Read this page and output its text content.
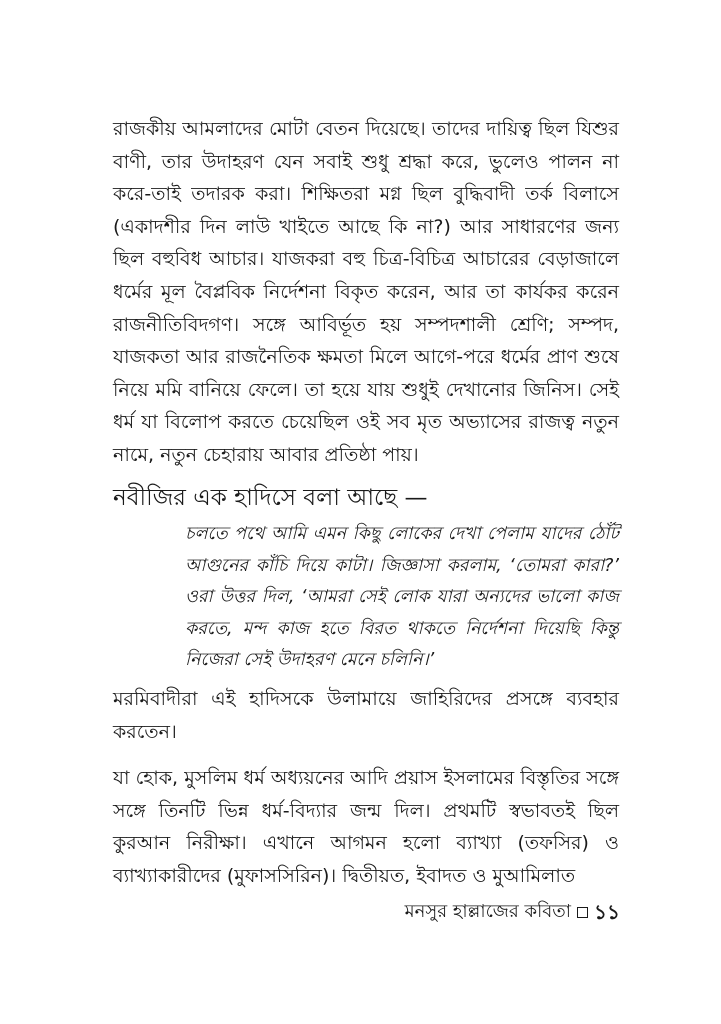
রাজকীয় আমলাদের মোটা বেতন দিয়েছে। তাদের দায়িত্ব ছিল যিশুর বাণী, তার উদাহরণ যেন সবাই শুধু শ্রদ্ধা করে, ভুলেও পালন না করে-তাই তদারক করা। শিক্ষিতরা মগ্ন ছিল বুদ্ধিবাদী তর্ক বিলাসে (একাদশীর দিন লাউ খাইতে আছে কি না?) আর সাধারণের জন্য ছিল বহুবিধ আচার। যাজকরা বহু চিত্র-বিচিত্র আচারের বেড়াজালে ধর্মের মূল বৈপ্লবিক নির্দেশনা বিকৃত করেন, আর তা কার্যকর করেন রাজনীতিবিদগণ। সঙ্গে আবির্ভূত হয় সম্পদশালী শ্রেণি; সম্পদ, যাজকতা আর রাজনৈতিক ক্ষমতা মিলে আগে-পরে ধর্মের প্রাণ শুষে নিয়ে মমি বানিয়ে ফেলে। তা হয়ে যায় শুধুই দেখানোর জিনিস। সেই ধর্ম যা বিলোপ করতে চেয়েছিল ওই সব মৃত অভ্যাসের রাজত্ব নতুন নামে, নতুন চেহারায় আবার প্রতিষ্ঠা পায়।

নবীজির এক হাদিসে বলা আছে —

চলতে পথে আমি এমন কিছু লোকের দেখা পেলাম যাদের ঠোঁট আগুনের কাঁচি দিয়ে কাটা। জিজ্ঞাসা করলাম, ‘তোমরা কারা?’ ওরা উত্তর দিল, ‘আমরা সেই লোক যারা অন্যদের ভালো কাজ করতে, মন্দ কাজ হতে বিরত থাকতে নির্দেশনা দিয়েছি কিন্তু নিজেরা সেই উদাহরণ মেনে চলিনি।’

মরমিবাদীরা এই হাদিসকে উলামায়ে জাহিরিদের প্রসঙ্গে ব্যবহার করতেন।

যা হোক, মুসলিম ধর্ম অধ্যয়নের আদি প্রয়াস ইসলামের বিস্তৃতির সঙ্গে সঙ্গে তিনটি ভিন্ন ধর্ম-বিদ্যার জন্ম দিল। প্রথমটি স্বভাবতই ছিল কুরআন নিরীক্ষা। এখানে আগমন হলো ব্যাখ্যা (তফসির) ও ব্যাখ্যাকারীদের (মুফাসসিরিন)। দ্বিতীয়ত, ইবাদত ও মুআমিলাত

মনসুর হাল্লাজের কবিতা ১১
